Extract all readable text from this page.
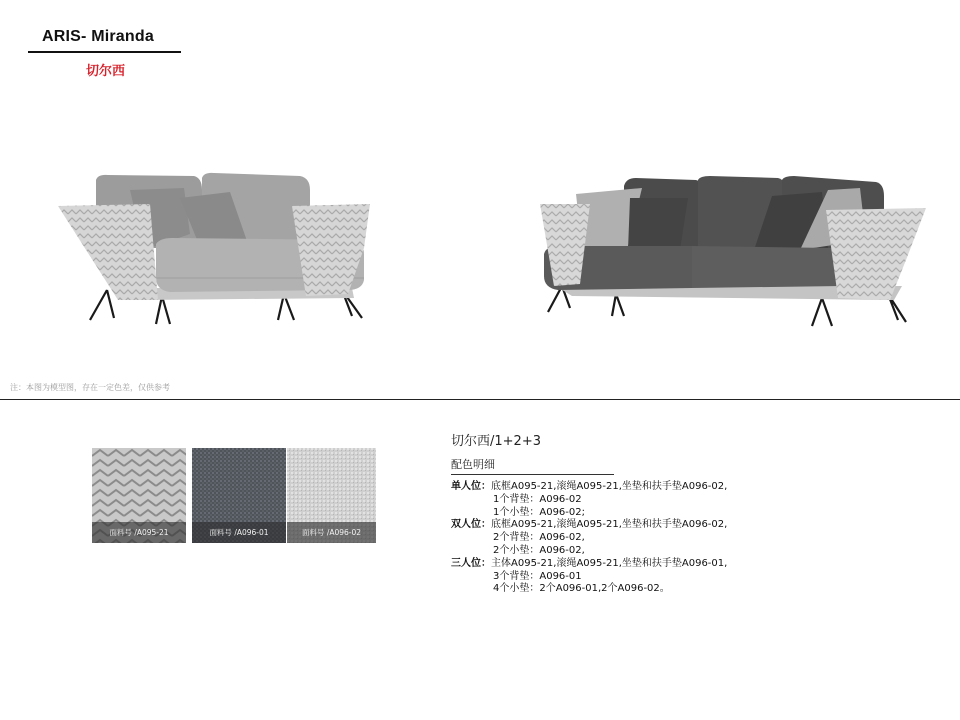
ARIS- Miranda
切尔西
注：本图为模型图，存在一定色差，仅供参考
面料号 /A095-21	面料号 /A096-01	面料号 /A096-02
切尔西/1+2+3
配色明细
单人位：底框A095-21,滚绳A095-21,坐垫和扶手垫A096-02,
1个背垫：A096-02
1个小垫：A096-02;
双人位：底框A095-21,滚绳A095-21,坐垫和扶手垫A096-02,
2个背垫：A096-02,
2个小垫：A096-02,
三人位：主体A095-21,滚绳A095-21,坐垫和扶手垫A096-01,
3个背垫：A096-01
4个小垫：2个A096-01,2个A096-02。
